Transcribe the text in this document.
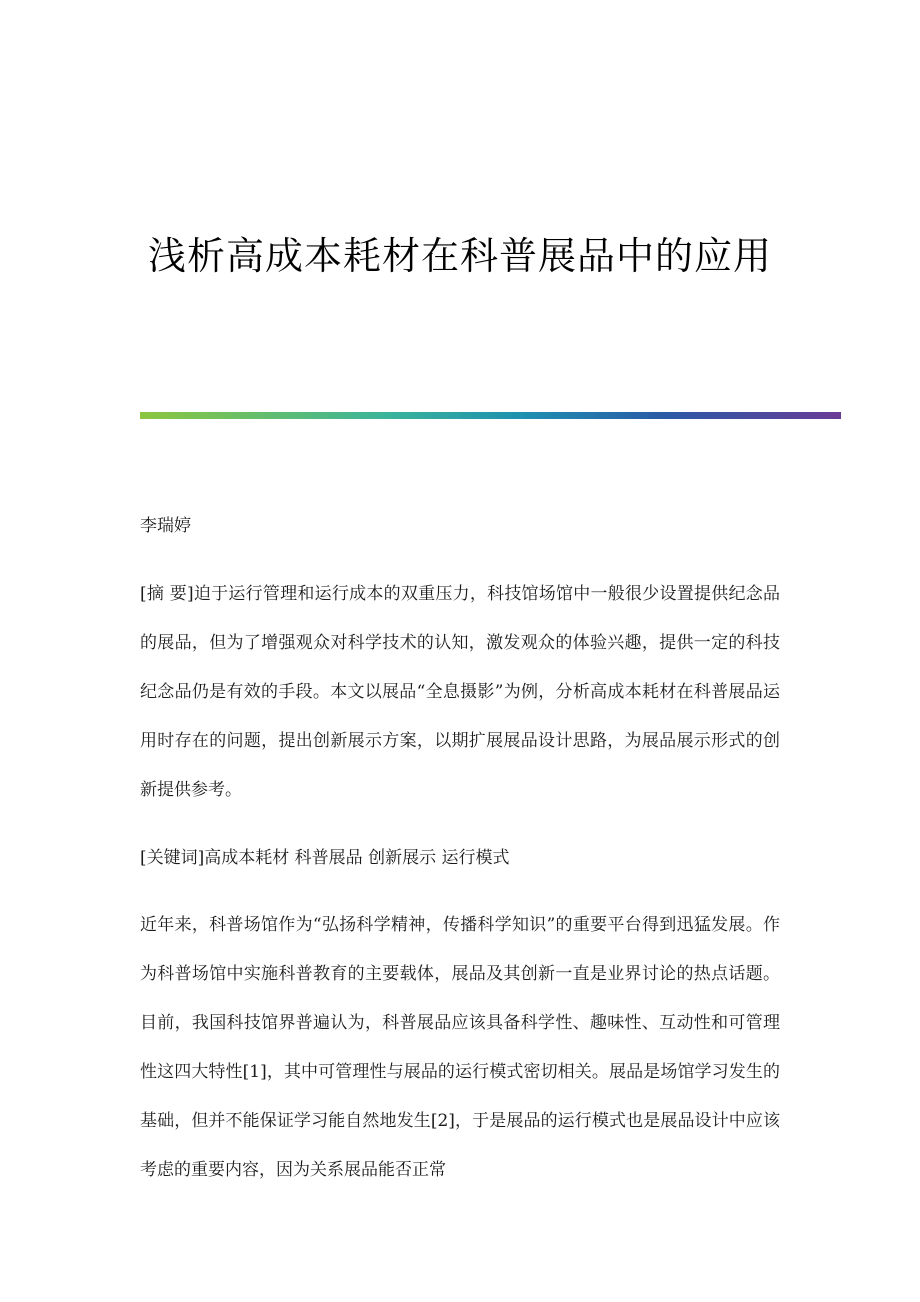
浅析高成本耗材在科普展品中的应用

李瑞婷

[摘 要]迫于运行管理和运行成本的双重压力，科技馆场馆中一般很少设置提供纪念品的展品，但为了增强观众对科学技术的认知，激发观众的体验兴趣，提供一定的科技纪念品仍是有效的手段。本文以展品“全息摄影”为例，分析高成本耗材在科普展品运用时存在的问题，提出创新展示方案，以期扩展展品设计思路，为展品展示形式的创新提供参考。

[关键词]高成本耗材 科普展品 创新展示 运行模式

近年来，科普场馆作为“弘扬科学精神，传播科学知识”的重要平台得到迅猛发展。作为科普场馆中实施科普教育的主要载体，展品及其创新一直是业界讨论的热点话题。目前，我国科技馆界普遍认为，科普展品应该具备科学性、趣味性、互动性和可管理性这四大特性[1]，其中可管理性与展品的运行模式密切相关。展品是场馆学习发生的基础，但并不能保证学习能自然地发生[2]，于是展品的运行模式也是展品设计中应该考虑的重要内容，因为关系展品能否正常
